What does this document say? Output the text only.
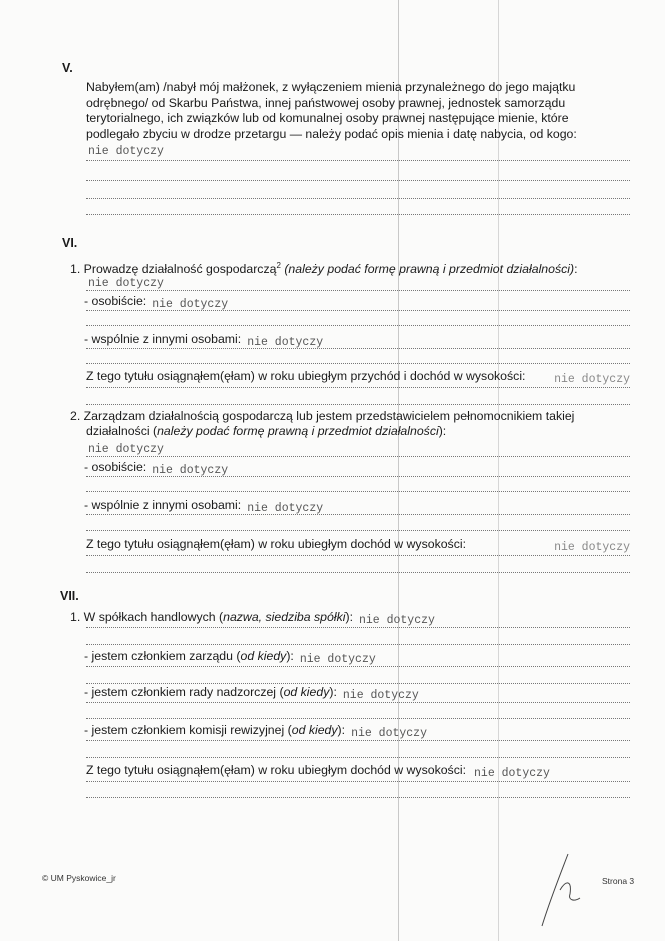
V.
Nabyłem(am) /nabył mój małżonek, z wyłączeniem mienia przynależnego do jego majątku
odrębnego/ od Skarbu Państwa, innej państwowej osoby prawnej, jednostek samorządu
terytorialnego, ich związków lub od komunalnej osoby prawnej następujące mienie, które
podlegało zbyciu w drodze przetargu — należy podać opis mienia i datę nabycia, od kogo:
nie dotyczy
VI.
1. Prowadzę działalność gospodarczą$^2$ (należy podać formę prawną i przedmiot działalności):
nie dotyczy
- osobiście: nie dotyczy
- wspólnie z innymi osobami: nie dotyczy
Z tego tytułu osiągnąłem(ęłam) w roku ubiegłym przychód i dochód w wysokości: nie dotyczy
2. Zarządzam działalnością gospodarczą lub jestem przedstawicielem pełnomocnikiem takiej
działalności (należy podać formę prawną i przedmiot działalności):
nie dotyczy
- osobiście: nie dotyczy
- wspólnie z innymi osobami: nie dotyczy
Z tego tytułu osiągnąłem(ęłam) w roku ubiegłym dochód w wysokości:	nie dotyczy
VII.
1. W spółkach handlowych (nazwa, siedziba spółki): nie dotyczy
- jestem członkiem zarządu (od kiedy): nie dotyczy
- jestem członkiem rady nadzorczej (od kiedy): nie dotyczy
- jestem członkiem komisji rewizyjnej (od kiedy): nie dotyczy
Z tego tytułu osiągnąłem(ęłam) w roku ubiegłym dochód w wysokości: nie dotyczy
© UM Pyskowice_jr	Strona 3
